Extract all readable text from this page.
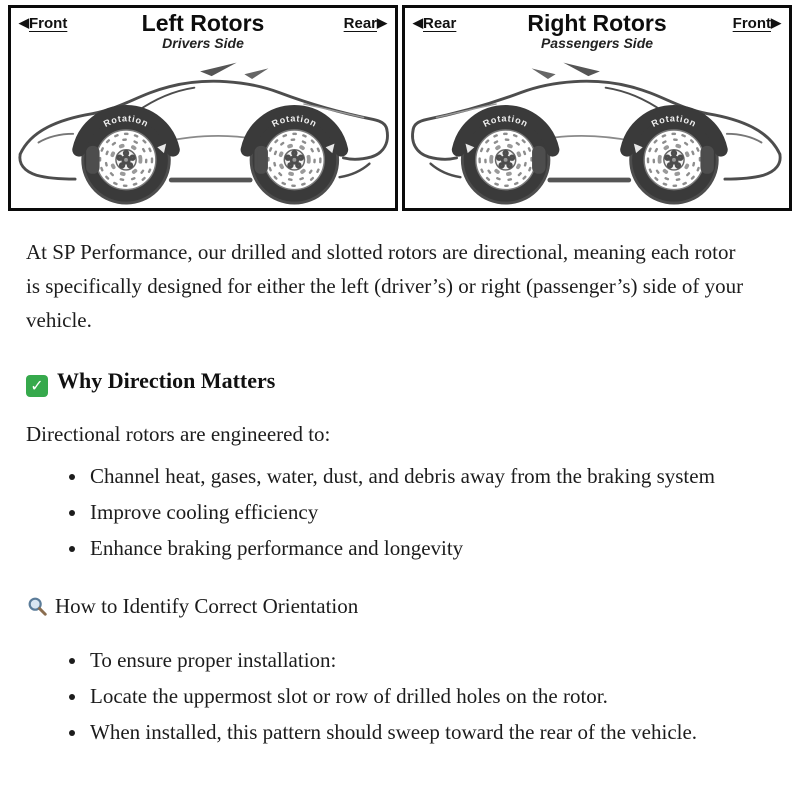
◀Front	Rear▶
Left Rotors
Drivers Side
Rotation	Rotation
◀Rear	Front▶
Right Rotors
Passengers Side
Rotation
Rotation

At SP Performance, our drilled and slotted rotors are directional, meaning each rotor is specifically designed for either the left (driver’s) or right (passenger’s) side of your vehicle.

✓ Why Direction Matters

Directional rotors are engineered to:

• Channel heat, gases, water, dust, and debris away from the braking system
• Improve cooling efficiency
• Enhance braking performance and longevity
How to Identify Correct Orientation
• To ensure proper installation:
• Locate the uppermost slot or row of drilled holes on the rotor.
• When installed, this pattern should sweep toward the rear of the vehicle.
